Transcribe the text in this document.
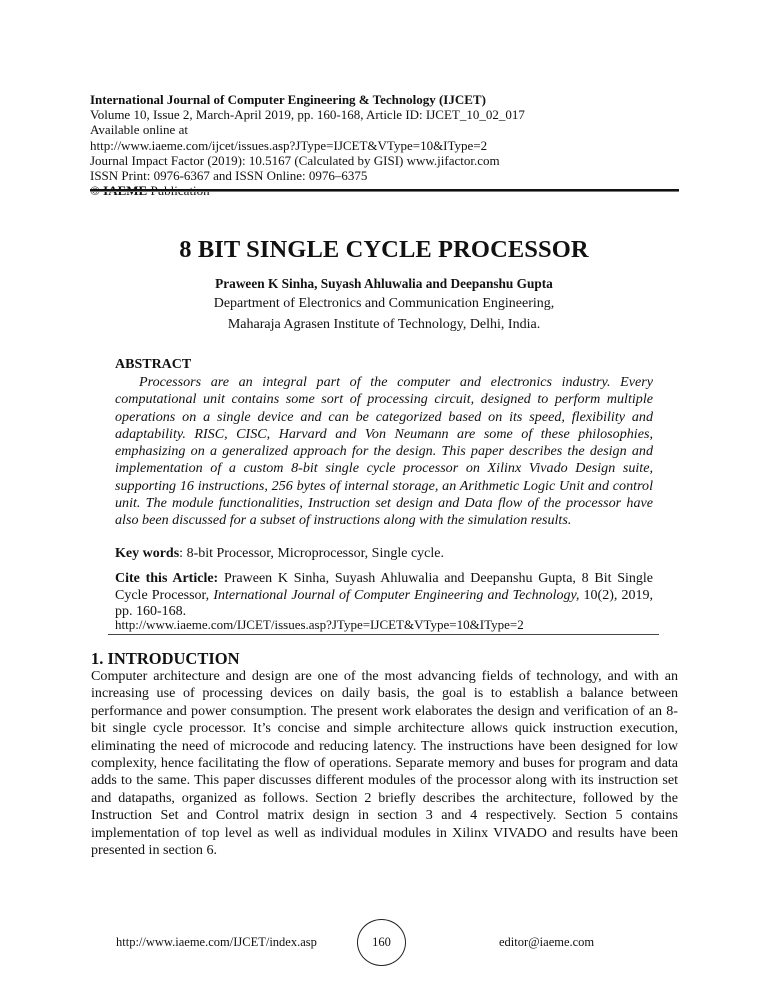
International Journal of Computer Engineering & Technology (IJCET)
Volume 10, Issue 2, March-April 2019, pp. 160-168, Article ID: IJCET_10_02_017
Available online at
http://www.iaeme.com/ijcet/issues.asp?JType=IJCET&VType=10&IType=2
Journal Impact Factor (2019): 10.5167 (Calculated by GISI) www.jifactor.com
ISSN Print: 0976-6367 and ISSN Online: 0976–6375
© IAEME Publication
8 BIT SINGLE CYCLE PROCESSOR
Praween K Sinha, Suyash Ahluwalia and Deepanshu Gupta
Department of Electronics and Communication Engineering,
Maharaja Agrasen Institute of Technology, Delhi, India.
ABSTRACT
Processors are an integral part of the computer and electronics industry. Every computational unit contains some sort of processing circuit, designed to perform multiple operations on a single device and can be categorized based on its speed, flexibility and adaptability. RISC, CISC, Harvard and Von Neumann are some of these philosophies, emphasizing on a generalized approach for the design. This paper describes the design and implementation of a custom 8-bit single cycle processor on Xilinx Vivado Design suite, supporting 16 instructions, 256 bytes of internal storage, an Arithmetic Logic Unit and control unit. The module functionalities, Instruction set design and Data flow of the processor have also been discussed for a subset of instructions along with the simulation results.
Key words: 8-bit Processor, Microprocessor, Single cycle.
Cite this Article: Praween K Sinha, Suyash Ahluwalia and Deepanshu Gupta, 8 Bit Single Cycle Processor, International Journal of Computer Engineering and Technology, 10(2), 2019, pp. 160-168.
http://www.iaeme.com/IJCET/issues.asp?JType=IJCET&VType=10&IType=2
1. INTRODUCTION
Computer architecture and design are one of the most advancing fields of technology, and with an increasing use of processing devices on daily basis, the goal is to establish a balance between performance and power consumption. The present work elaborates the design and verification of an 8-bit single cycle processor. It’s concise and simple architecture allows quick instruction execution, eliminating the need of microcode and reducing latency. The instructions have been designed for low complexity, hence facilitating the flow of operations. Separate memory and buses for program and data adds to the same. This paper discusses different modules of the processor along with its instruction set and datapaths, organized as follows. Section 2 briefly describes the architecture, followed by the Instruction Set and Control matrix design in section 3 and 4 respectively. Section 5 contains implementation of top level as well as individual modules in Xilinx VIVADO and results have been presented in section 6.
http://www.iaeme.com/IJCET/index.asp	160	editor@iaeme.com
